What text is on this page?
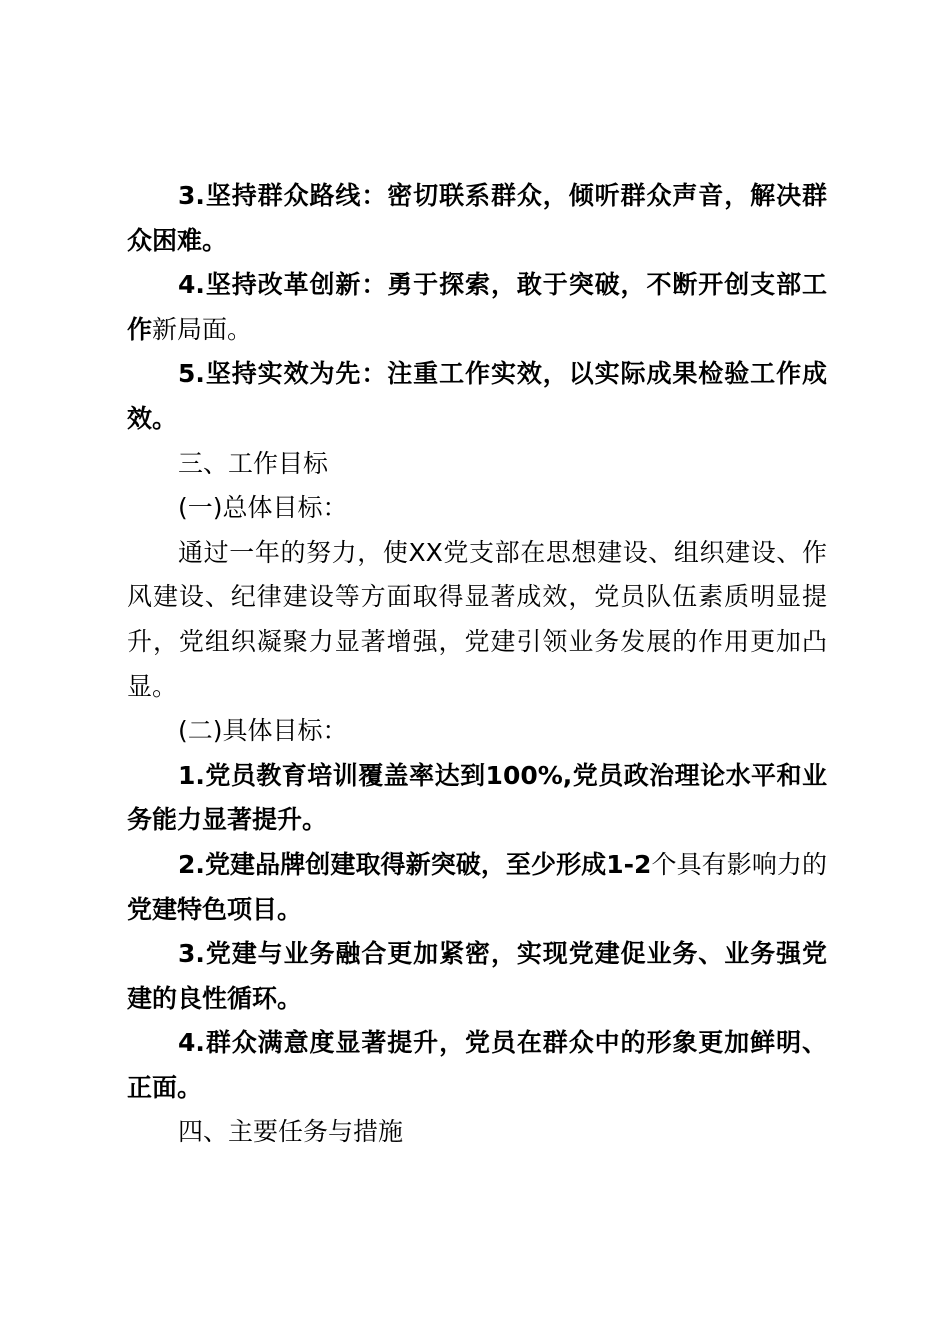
3.坚持群众路线：密切联系群众，倾听群众声音，解决群众困难。

4.坚持改革创新：勇于探索，敢于突破，不断开创支部工作新局面。

5.坚持实效为先：注重工作实效，以实际成果检验工作成效。

三、工作目标

(一)总体目标：

通过一年的努力，使XX党支部在思想建设、组织建设、作风建设、纪律建设等方面取得显著成效，党员队伍素质明显提升，党组织凝聚力显著增强，党建引领业务发展的作用更加凸显。

(二)具体目标：

1.党员教育培训覆盖率达到100%,党员政治理论水平和业务能力显著提升。

2.党建品牌创建取得新突破，至少形成1-2个具有影响力的党建特色项目。

3.党建与业务融合更加紧密，实现党建促业务、业务强党建的良性循环。

4.群众满意度显著提升，党员在群众中的形象更加鲜明、正面。

四、主要任务与措施
